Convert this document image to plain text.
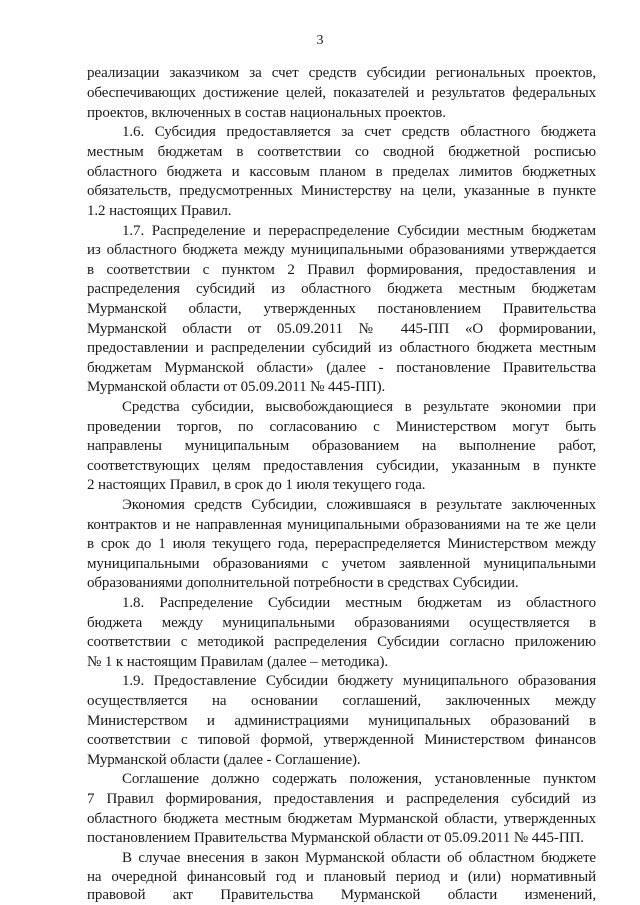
3
реализации заказчиком за счет средств субсидии региональных проектов,
обеспечивающих достижение целей, показателей и результатов федеральных
проектов, включенных в состав национальных проектов.
1.6. Субсидия предоставляется за счет средств областного бюджета
местным бюджетам в соответствии со сводной бюджетной росписью
областного бюджета и кассовым планом в пределах лимитов бюджетных
обязательств, предусмотренных Министерству на цели, указанные в пункте
1.2 настоящих Правил.
1.7. Распределение и перераспределение Субсидии местным бюджетам
из областного бюджета между муниципальными образованиями утверждается
в соответствии с пунктом 2 Правил формирования, предоставления и
распределения субсидий из областного бюджета местным бюджетам
Мурманской области, утвержденных постановлением Правительства
Мурманской области от 05.09.2011 № 445-ПП «О формировании,
предоставлении и распределении субсидий из областного бюджета местным
бюджетам Мурманской области» (далее - постановление Правительства
Мурманской области от 05.09.2011 № 445-ПП).
Средства субсидии, высвобождающиеся в результате экономии при
проведении торгов, по согласованию с Министерством могут быть
направлены муниципальным образованием на выполнение работ,
соответствующих целям предоставления субсидии, указанным в пункте
2 настоящих Правил, в срок до 1 июля текущего года.
Экономия средств Субсидии, сложившаяся в результате заключенных
контрактов и не направленная муниципальными образованиями на те же цели
в срок до 1 июля текущего года, перераспределяется Министерством между
муниципальными образованиями с учетом заявленной муниципальными
образованиями дополнительной потребности в средствах Субсидии.
1.8. Распределение Субсидии местным бюджетам из областного
бюджета между муниципальными образованиями осуществляется в
соответствии с методикой распределения Субсидии согласно приложению
№ 1 к настоящим Правилам (далее – методика).
1.9. Предоставление Субсидии бюджету муниципального образования
осуществляется на основании соглашений, заключенных между
Министерством и администрациями муниципальных образований в
соответствии с типовой формой, утвержденной Министерством финансов
Мурманской области (далее - Соглашение).
Соглашение должно содержать положения, установленные пунктом
7 Правил формирования, предоставления и распределения субсидий из
областного бюджета местным бюджетам Мурманской области, утвержденных
постановлением Правительства Мурманской области от 05.09.2011 № 445-ПП.
В случае внесения в закон Мурманской области об областном бюджете
на очередной финансовый год и плановый период и (или) нормативный
правовой акт Правительства Мурманской области изменений,
